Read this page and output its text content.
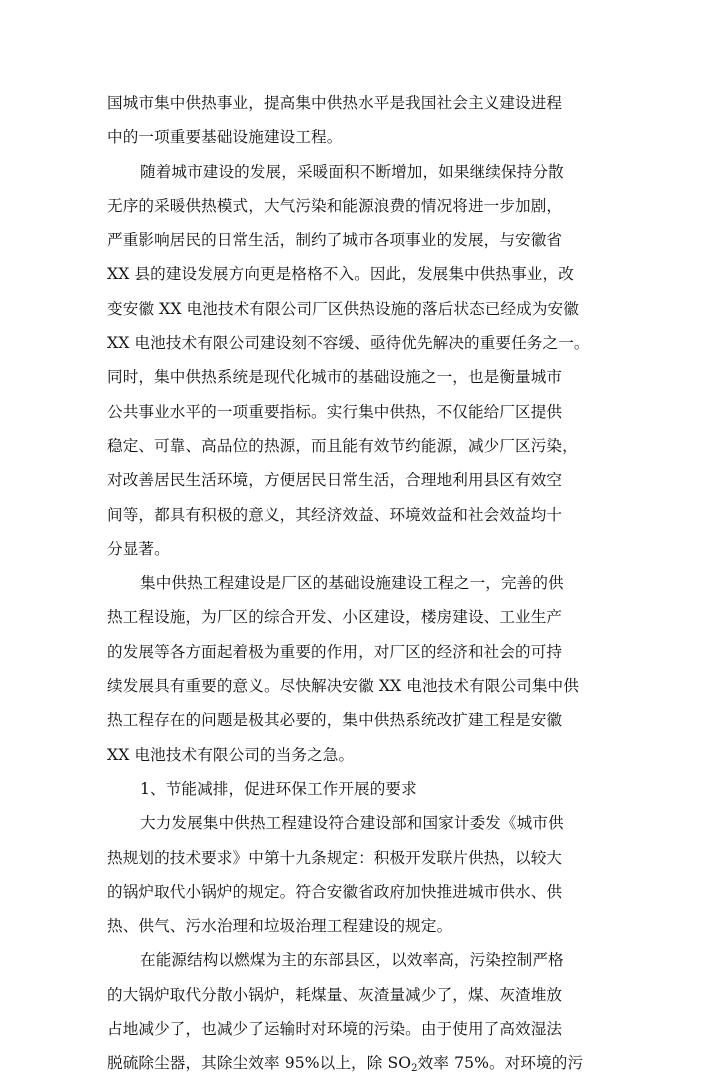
国城市集中供热事业，提高集中供热水平是我国社会主义建设进程
中的一项重要基础设施建设工程。
随着城市建设的发展，采暖面积不断增加，如果继续保持分散
无序的采暖供热模式，大气污染和能源浪费的情况将进一步加剧，
严重影响居民的日常生活，制约了城市各项事业的发展，与安徽省
XX 县的建设发展方向更是格格不入。因此，发展集中供热事业，改
变安徽 XX 电池技术有限公司厂区供热设施的落后状态已经成为安徽
XX 电池技术有限公司建设刻不容缓、亟待优先解决的重要任务之一。
同时，集中供热系统是现代化城市的基础设施之一，也是衡量城市
公共事业水平的一项重要指标。实行集中供热，不仅能给厂区提供
稳定、可靠、高品位的热源，而且能有效节约能源，减少厂区污染，
对改善居民生活环境，方便居民日常生活，合理地利用县区有效空
间等，都具有积极的意义，其经济效益、环境效益和社会效益均十
分显著。
集中供热工程建设是厂区的基础设施建设工程之一，完善的供
热工程设施，为厂区的综合开发、小区建设，楼房建设、工业生产
的发展等各方面起着极为重要的作用，对厂区的经济和社会的可持
续发展具有重要的意义。尽快解决安徽 XX 电池技术有限公司集中供
热工程存在的问题是极其必要的，集中供热系统改扩建工程是安徽
XX 电池技术有限公司的当务之急。
1、节能减排，促进环保工作开展的要求
大力发展集中供热工程建设符合建设部和国家计委发《城市供
热规划的技术要求》中第十九条规定：积极开发联片供热，以较大
的锅炉取代小锅炉的规定。符合安徽省政府加快推进城市供水、供
热、供气、污水治理和垃圾治理工程建设的规定。
在能源结构以燃煤为主的东部县区，以效率高，污染控制严格
的大锅炉取代分散小锅炉，耗煤量、灰渣量减少了，煤、灰渣堆放
占地减少了，也减少了运输时对环境的污染。由于使用了高效湿法
脱硫除尘器，其除尘效率 95%以上，除 $SO_2$效率 75%。对环境的污
